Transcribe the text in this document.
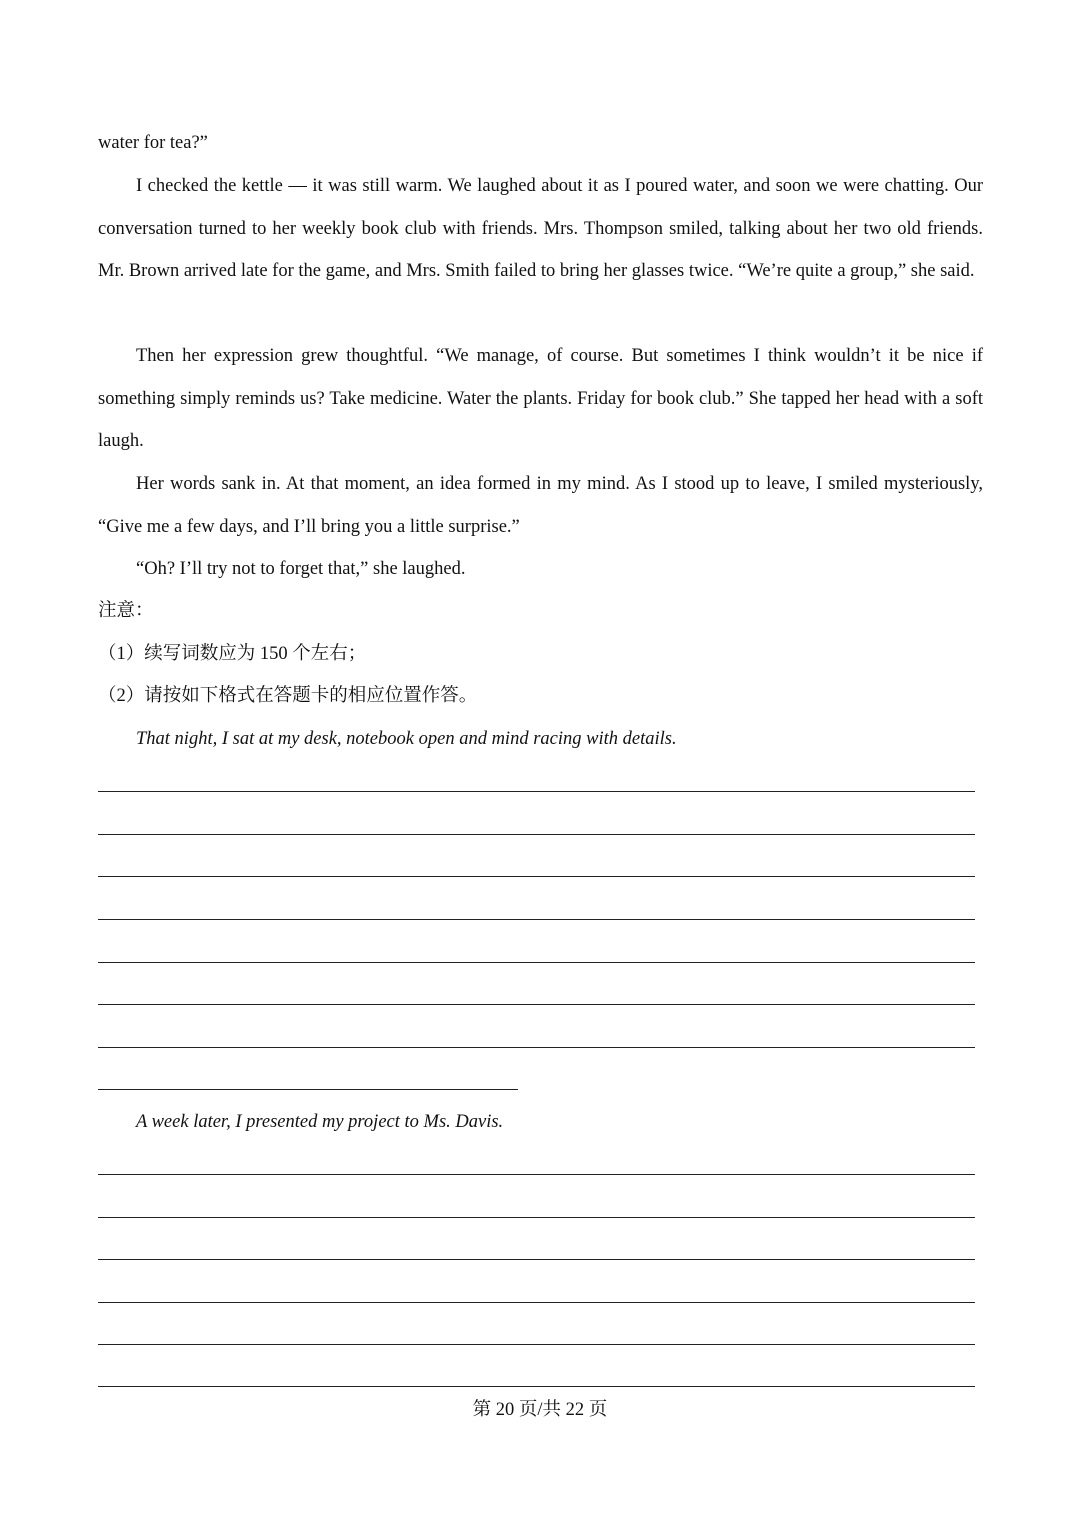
water for tea?”

I checked the kettle — it was still warm. We laughed about it as I poured water, and soon we were chatting. Our conversation turned to her weekly book club with friends. Mrs. Thompson smiled, talking about her two old friends. Mr. Brown arrived late for the game, and Mrs. Smith failed to bring her glasses twice. “We’re quite a group,” she said.

Then her expression grew thoughtful. “We manage, of course. But sometimes I think wouldn’t it be nice if something simply reminds us? Take medicine. Water the plants. Friday for book club.” She tapped her head with a soft laugh.

Her words sank in. At that moment, an idea formed in my mind. As I stood up to leave, I smiled mysteriously, “Give me a few days, and I’ll bring you a little surprise.”

“Oh? I’ll try not to forget that,” she laughed.

注意：

（1）续写词数应为 150 个左右；

（2）请按如下格式在答题卡的相应位置作答。

That night, I sat at my desk, notebook open and mind racing with details.

A week later, I presented my project to Ms. Davis.

第 20 页/共 22 页
